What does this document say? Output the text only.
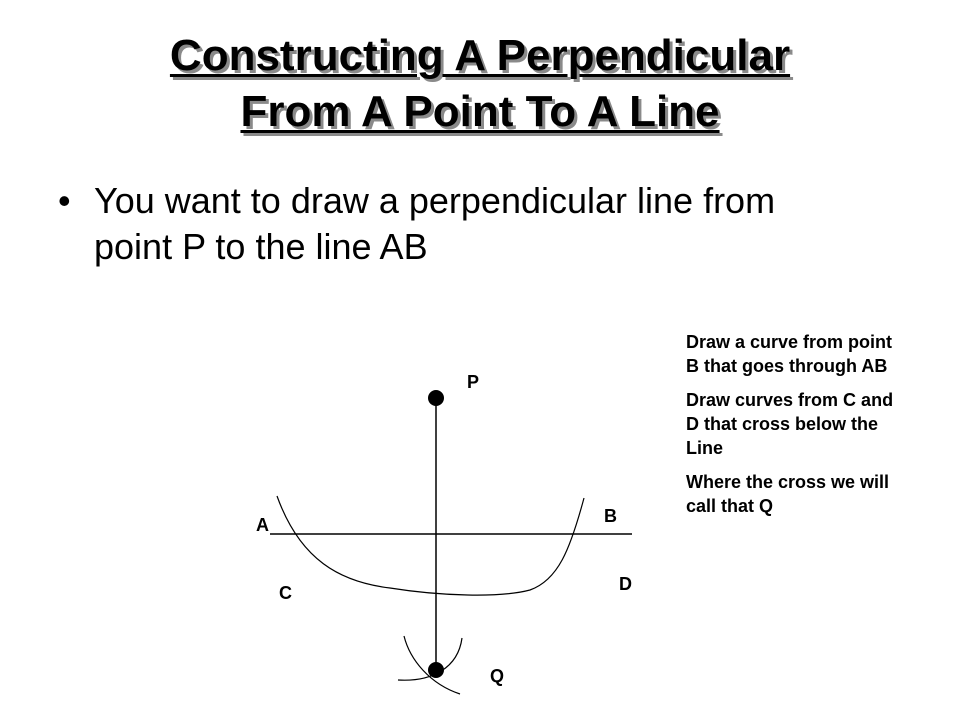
Constructing A Perpendicular
From A Point To A Line
• You want to draw a perpendicular line from point P to the line AB
P
A	B
C	D
Q

Draw a curve from point B that goes through AB

Draw curves from C and D that cross below the Line

Where the cross we will call that Q
